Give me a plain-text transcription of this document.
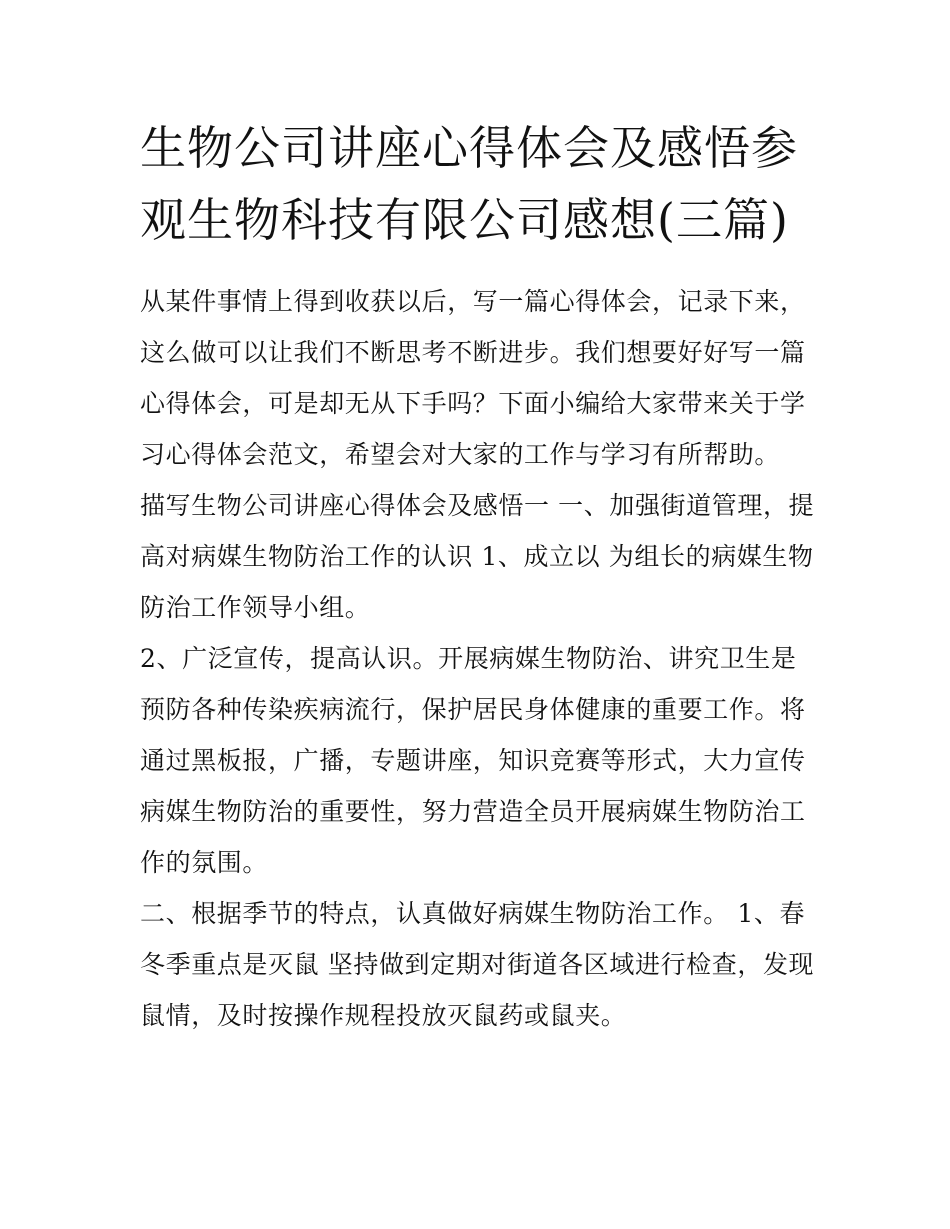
生物公司讲座心得体会及感悟参观生物科技有限公司感想(三篇)

从某件事情上得到收获以后，写一篇心得体会，记录下来，这么做可以让我们不断思考不断进步。我们想要好好写一篇心得体会，可是却无从下手吗？下面小编给大家带来关于学习心得体会范文，希望会对大家的工作与学习有所帮助。

描写生物公司讲座心得体会及感悟一 一、加强街道管理，提高对病媒生物防治工作的认识 1、成立以 为组长的病媒生物防治工作领导小组。

2、广泛宣传，提高认识。开展病媒生物防治、讲究卫生是预防各种传染疾病流行，保护居民身体健康的重要工作。将通过黑板报，广播，专题讲座，知识竞赛等形式，大力宣传病媒生物防治的重要性，努力营造全员开展病媒生物防治工作的氛围。

二、根据季节的特点，认真做好病媒生物防治工作。 1、春冬季重点是灭鼠 坚持做到定期对街道各区域进行检查，发现鼠情，及时按操作规程投放灭鼠药或鼠夹。
